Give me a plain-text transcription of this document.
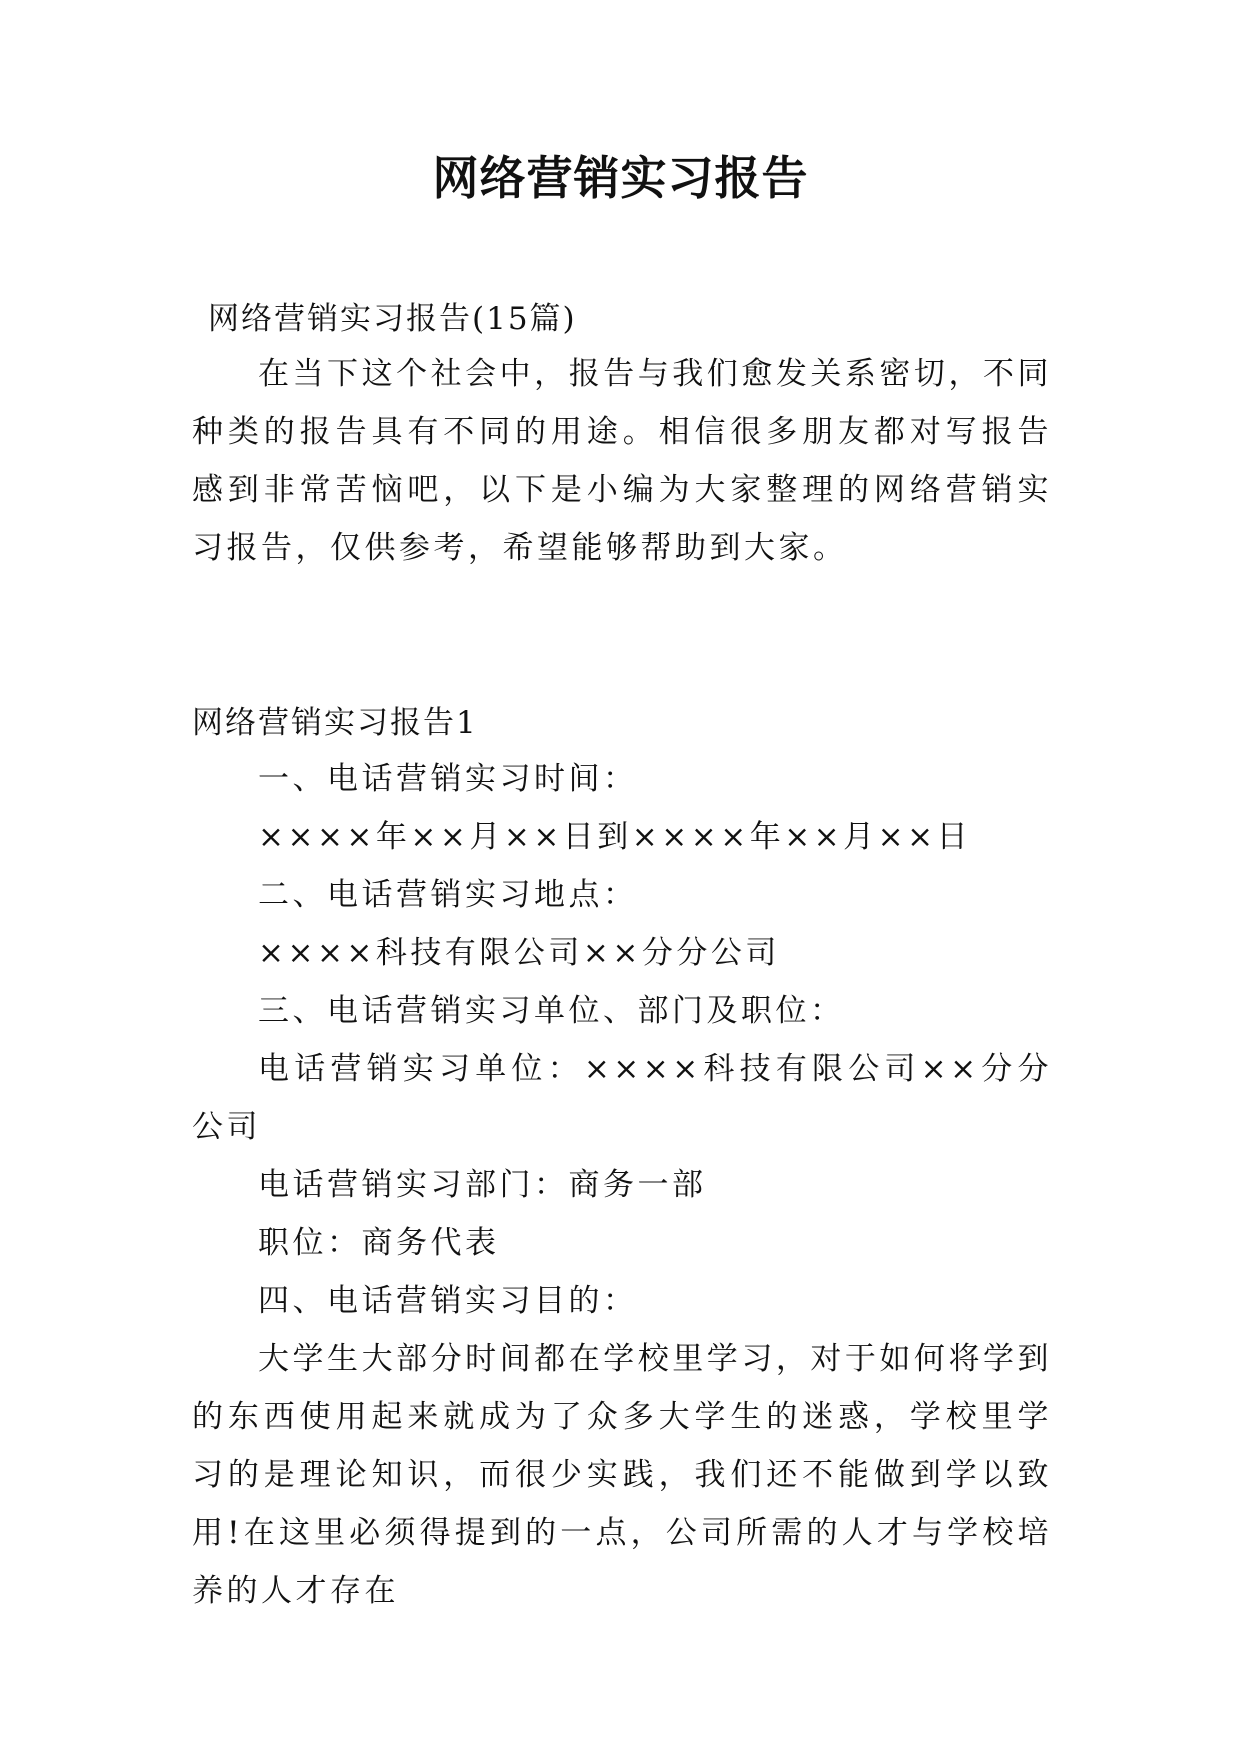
网络营销实习报告

网络营销实习报告(15篇)

在当下这个社会中，报告与我们愈发关系密切，不同种类的报告具有不同的用途。相信很多朋友都对写报告感到非常苦恼吧，以下是小编为大家整理的网络营销实习报告，仅供参考，希望能够帮助到大家。

网络营销实习报告1

一、电话营销实习时间：

××××年××月××日到××××年××月××日

二、电话营销实习地点：

××××科技有限公司××分分公司

三、电话营销实习单位、部门及职位：

电话营销实习单位：××××科技有限公司××分分公司

电话营销实习部门：商务一部

职位：商务代表

四、电话营销实习目的：

大学生大部分时间都在学校里学习，对于如何将学到的东西使用起来就成为了众多大学生的迷惑，学校里学习的是理论知识，而很少实践，我们还不能做到学以致用!在这里必须得提到的一点，公司所需的人才与学校培养的人才存在
